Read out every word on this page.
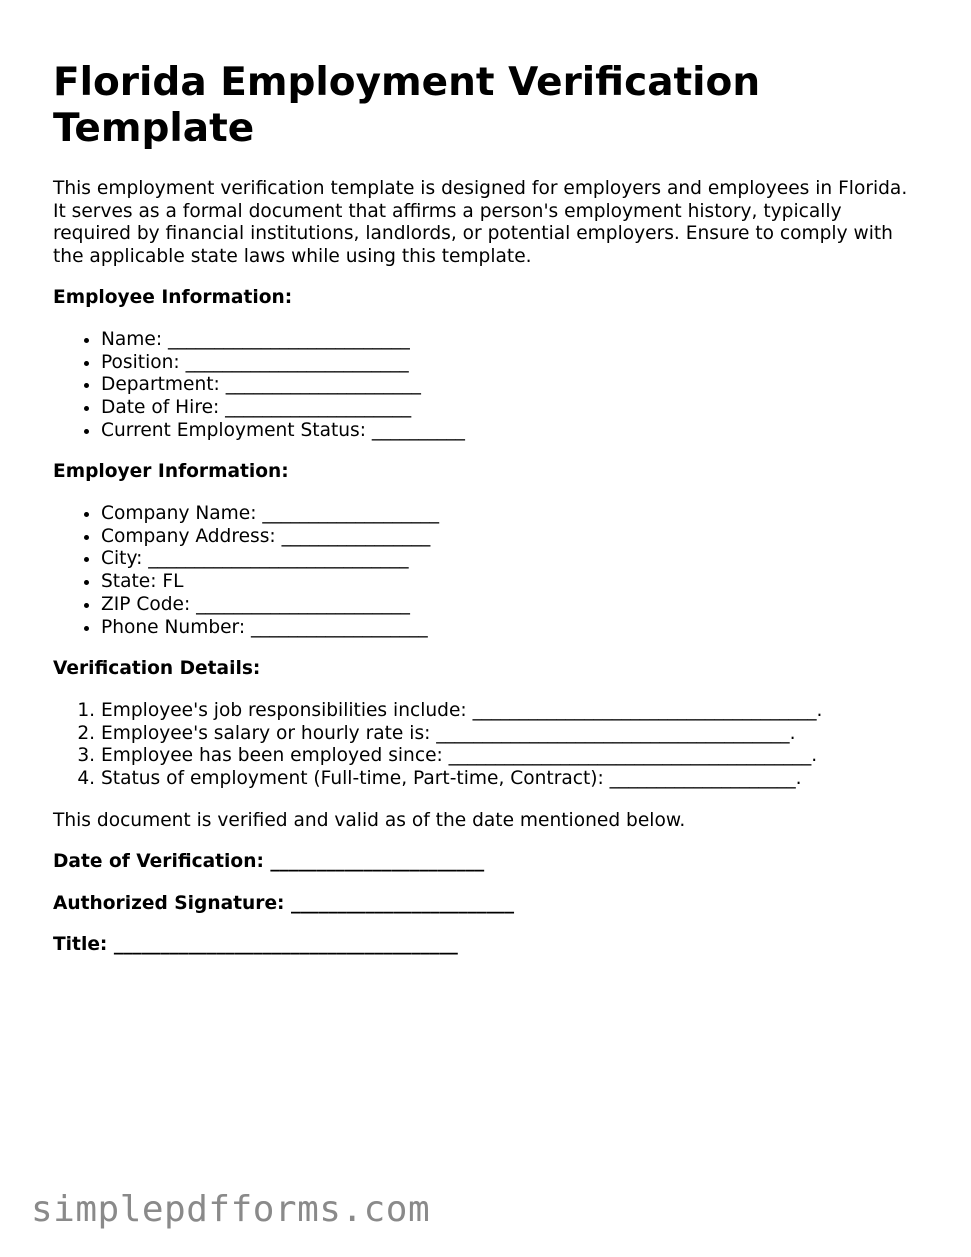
Florida Employment Verification Template

This employment verification template is designed for employers and employees in Florida. It serves as a formal document that affirms a person's employment history, typically required by financial institutions, landlords, or potential employers. Ensure to comply with the applicable state laws while using this template.

Employee Information:
• Name: __________________________
• Position: ________________________
• Department: _____________________
• Date of Hire: ____________________
• Current Employment Status: __________
Employer Information:
• Company Name: ___________________
• Company Address: ________________
• City: ____________________________
• State: FL
• ZIP Code: _______________________
• Phone Number: ___________________
Verification Details:
1. Employee's job responsibilities include: _____________________________________.
2. Employee's salary or hourly rate is: ______________________________________.
3. Employee has been employed since: _______________________________________.
4. Status of employment (Full-time, Part-time, Contract): ____________________.

This document is verified and valid as of the date mentioned below.

Date of Verification: _______________________
Authorized Signature: ________________________
Title: _____________________________________
simplepdfforms.com
